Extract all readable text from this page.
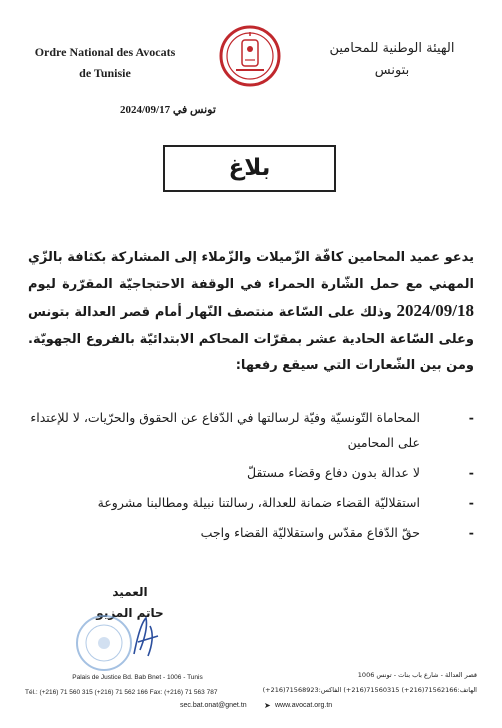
Ordre National des Avocats
de Tunisie
الهيئة الوطنية للمحامين
بتونس
تونس في 2024/09/17
بلاغ
يدعو عميد المحامين كافّة الزّميلات والزّملاء إلى المشاركة بكثافة بالزّي المهني مع حمل الشّارة الحمراء في الوقفة الاحتجاجيّة المقرّرة ليوم 2024/09/18 وذلك على السّاعة منتصف النّهار أمام قصر العدالة بتونس وعلى السّاعة الحادية عشر بمقرّات المحاكم الابتدائيّة بالفروع الجهويّة. ومن بين الشّعارات التي سيقع رفعها:
- المحاماة التّونسيّة وفيّة لرسالتها في الدّفاع عن الحقوق والحرّيات، لا للإعتداء على المحامين
- لا عدالة بدون دفاع وقضاء مستقلّ
- استقلاليّة القضاء ضمانة للعدالة، رسالتنا نبيلة ومطالبنا مشروعة
- حقّ الدّفاع مقدّس واستقلاليّة القضاء واجب
العميد
حاتم المزيو
Palais de Justice Bd. Bab Bnet - 1006 - Tunis
Tél.: (+216) 71 560 315 (+216) 71 562 166 Fax: (+216) 71 563 787
قصر العدالة - شارع باب بنات - تونس 1006
الهاتف:71562166(216+) 71560315(216+) الفاكس:71568923(216+)
sec.bat.onat@gnet.tn ➤ www.avocat.org.tn
